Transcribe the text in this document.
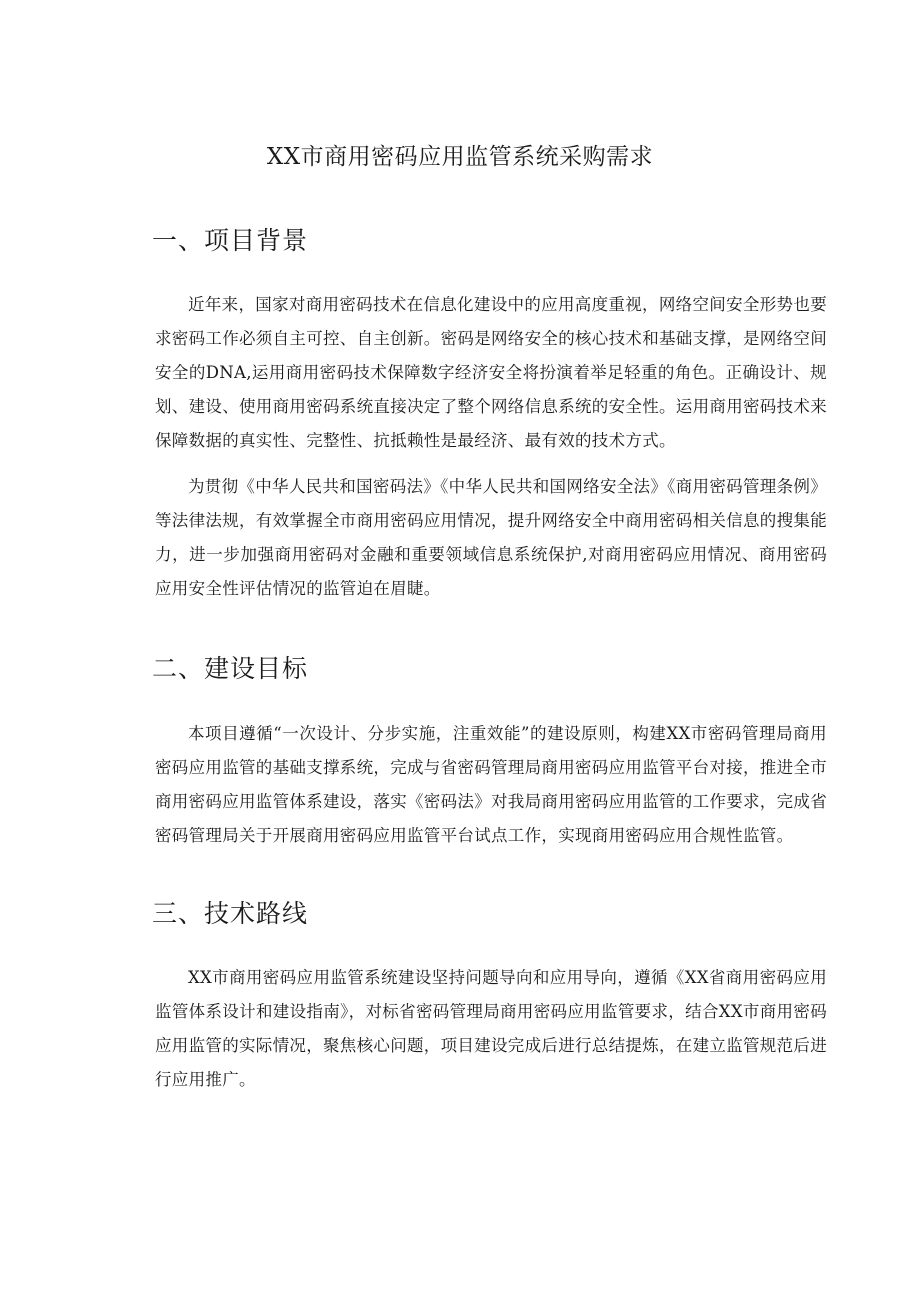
XX市商用密码应用监管系统采购需求
一、项目背景

近年来，国家对商用密码技术在信息化建设中的应用高度重视，网络空间安全形势也要求密码工作必须自主可控、自主创新。密码是网络安全的核心技术和基础支撑，是网络空间安全的DNA,运用商用密码技术保障数字经济安全将扮演着举足轻重的角色。正确设计、规划、建设、使用商用密码系统直接决定了整个网络信息系统的安全性。运用商用密码技术来保障数据的真实性、完整性、抗抵赖性是最经济、最有效的技术方式。

为贯彻《中华人民共和国密码法》《中华人民共和国网络安全法》《商用密码管理条例》等法律法规，有效掌握全市商用密码应用情况，提升网络安全中商用密码相关信息的搜集能力，进一步加强商用密码对金融和重要领域信息系统保护,对商用密码应用情况、商用密码应用安全性评估情况的监管迫在眉睫。

二、建设目标

本项目遵循“一次设计、分步实施，注重效能”的建设原则，构建XX市密码管理局商用密码应用监管的基础支撑系统，完成与省密码管理局商用密码应用监管平台对接，推进全市商用密码应用监管体系建设，落实《密码法》对我局商用密码应用监管的工作要求，完成省密码管理局关于开展商用密码应用监管平台试点工作，实现商用密码应用合规性监管。

三、技术路线

XX市商用密码应用监管系统建设坚持问题导向和应用导向，遵循《XX省商用密码应用监管体系设计和建设指南》，对标省密码管理局商用密码应用监管要求，结合XX市商用密码应用监管的实际情况，聚焦核心问题，项目建设完成后进行总结提炼，在建立监管规范后进行应用推广。
